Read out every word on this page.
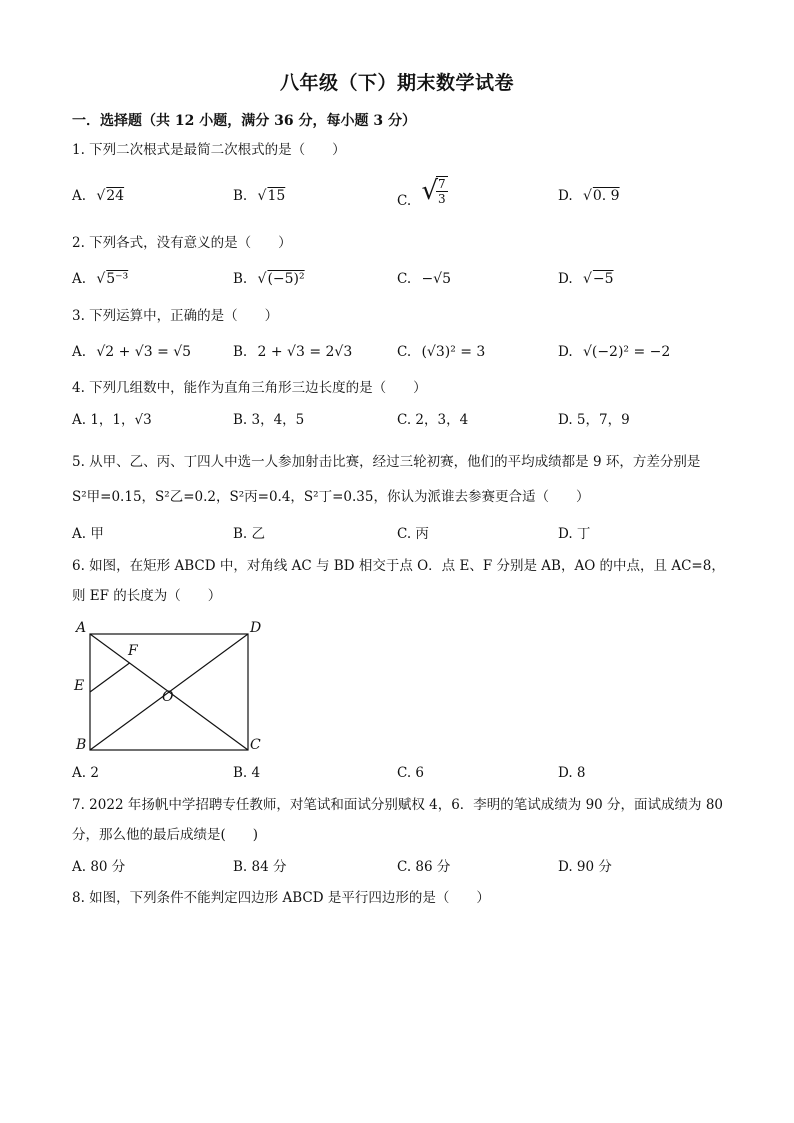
八年级（下）期末数学试卷
一．选择题（共 12 小题，满分 36 分，每小题 3 分）
1. 下列二次根式是最简二次根式的是（　　）
A. √24	B. √15	C. √
$\frac{7}{3}$	D. √0. 9
2. 下列各式，没有意义的是（　　）
A. √5⁻³	B. √(−5)²	C. −√5	D. √−5
3. 下列运算中，正确的是（　　）
A. √2 + √3 = √5	B. 2 + √3 = 2√3	C. (√3)² = 3	D. √(−2)² = −2
4. 下列几组数中，能作为直角三角形三边长度的是（　　）
A. 1，1，√3	B. 3，4，5	C. 2，3，4	D. 5，7，9
5. 从甲、乙、丙、丁四人中选一人参加射击比赛，经过三轮初赛，他们的平均成绩都是 9 环，方差分别是
S²甲=0.15，S²乙=0.2，S²丙=0.4，S²丁=0.35，你认为派谁去参赛更合适（　　）
A. 甲	B. 乙	C. 丙	D. 丁
6. 如图，在矩形 ABCD 中，对角线 AC 与 BD 相交于点 O．点 E、F 分别是 AB，AO 的中点，且 AC=8，
则 EF 的长度为（　　）
A	D
B	C
E
F
O
A. 2	B. 4	C. 6	D. 8
7. 2022 年扬帆中学招聘专任教师，对笔试和面试分别赋权 4，6．李明的笔试成绩为 90 分，面试成绩为 80
分，那么他的最后成绩是(　　)
A. 80 分	B. 84 分	C. 86 分	D. 90 分
8. 如图，下列条件不能判定四边形 ABCD 是平行四边形的是（　　）
